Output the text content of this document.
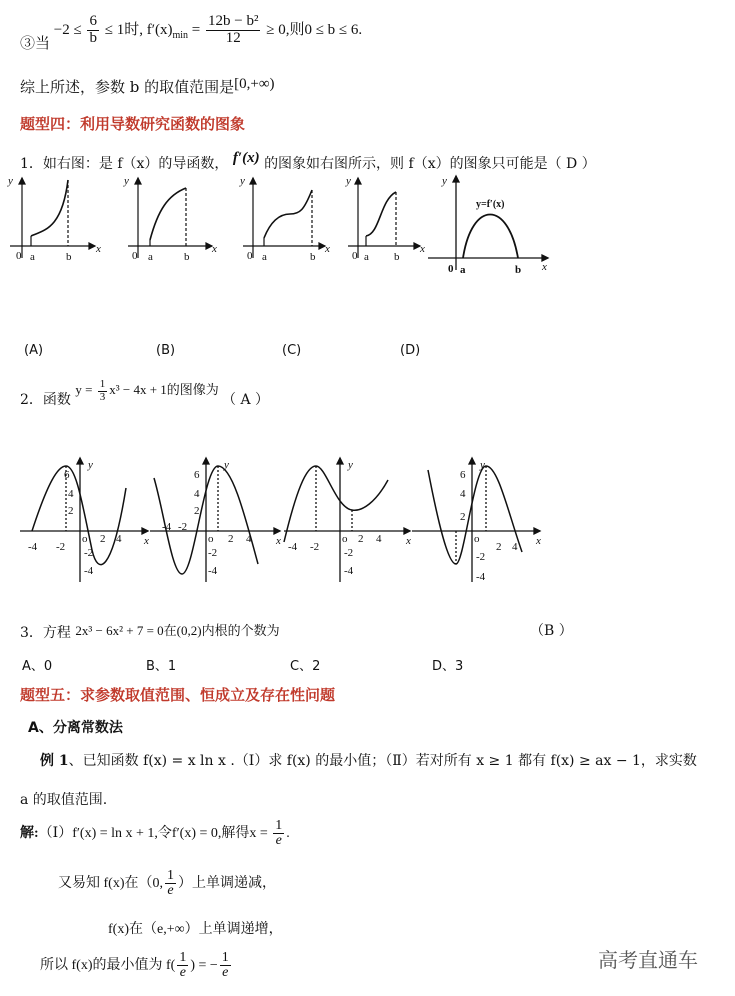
③当 $-2 \le \frac{6}{b} \le 1$时, $f'(x)_{min} = \frac{\text{12b − b²}}{12} \ge 0$,则0 ≤ b ≤ 6.
综上所述，参数 b 的取值范围是[0,+∞)
题型四：利用导数研究函数的图象
1．如右图：是 f（x）的导函数， f′(x) 的图象如右图所示，则 f（x）的图象只可能是（ D ）
y
x
0 a	b
y
x
0 a	b
y
x
0 a	b
y
x
0 a b
y
x
0 a	b
y=f′(x)
(A)	(B)	(C)	(D)
2．函数 $y = \frac{1}{3} x^3 - 4x + 1$的图像为 （ A ）
y
x
o
6
4
2
-2
-4
2 4
-4 -2
y
x
o
6
4
2
-2
-4
2 4
-4 -2
y
x
o
-2
-4
2 4
-4 -2
y
x
o
6
4
2
-2
-4
2 4
3．方程 2x³ − 6x² + 7 = 0在(0,2)内根的个数为	（B ）
A、0	B、1	C、2	D、3
题型五：求参数取值范围、恒成立及存在性问题
A、分离常数法
例 1、已知函数 f(x) = x ln x .（Ⅰ）求 f(x) 的最小值；（Ⅱ）若对所有 x ≥ 1 都有 f(x) ≥ ax − 1，求实数
a 的取值范围.
解:（Ⅰ）f′(x) = ln x + 1,令f′(x) = 0,解得$x = \frac{1}{e}$ .
又易知 f(x)在（0, $\frac{1}{e}$ ）上单调递减，
f(x)在（e,+∞）上单调递增，
所以 f(x)的最小值为 $f( \frac{1}{e}$ ) = − $\frac{1}{e}$	高考直通车
